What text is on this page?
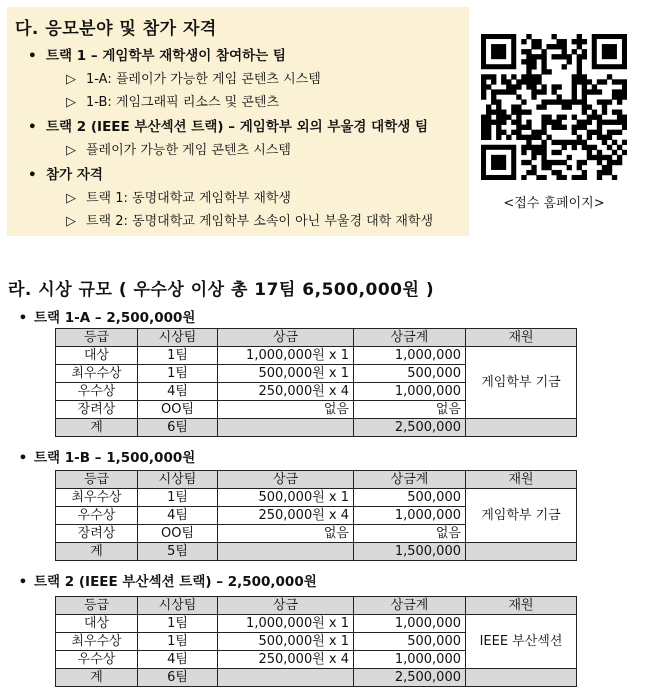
다. 응모분야 및 참가 자격
• 트랙 1 – 게임학부 재학생이 참여하는 팀
▷ 1-A: 플레이가 가능한 게임 콘텐츠 시스템
▷ 1-B: 게임그래픽 리소스 및 콘텐츠
• 트랙 2 (IEEE 부산섹션 트랙) – 게임학부 외의 부울경 대학생 팀
▷ 플레이가 가능한 게임 콘텐츠 시스템
• 참가 자격
▷ 트랙 1: 동명대학교 게임학부 재학생
▷ 트랙 2: 동명대학교 게임학부 소속이 아닌 부울경 대학 재학생
<접수 홈페이지>
라. 시상 규모 ( 우수상 이상 총 17팀 6,500,000원 )
• 트랙 1-A – 2,500,000원
등급	시상팀	상금	상금계	재원
대상	1팀	1,000,000원 x 1	1,000,000	게임학부 기금
최우수상	1팀	500,000원 x 1	500,000	
우수상	4팀	250,000원 x 4	1,000,000	
장려상	OO팀	없음	없음	
계	6팀		2,500,000	
• 트랙 1-B – 1,500,000원
등급	시상팀	상금	상금계	재원
최우수상	1팀	500,000원 x 1	500,000	게임학부 기금
우수상	4팀	250,000원 x 4	1,000,000	
장려상	OO팀	없음	없음	
계	5팀		1,500,000	
• 트랙 2 (IEEE 부산섹션 트랙) – 2,500,000원
등급	시상팀	상금	상금계	재원
대상	1팀	1,000,000원 x 1	1,000,000	IEEE 부산섹션
최우수상	1팀	500,000원 x 1	500,000	
우수상	4팀	250,000원 x 4	1,000,000	
계	6팀		2,500,000	
